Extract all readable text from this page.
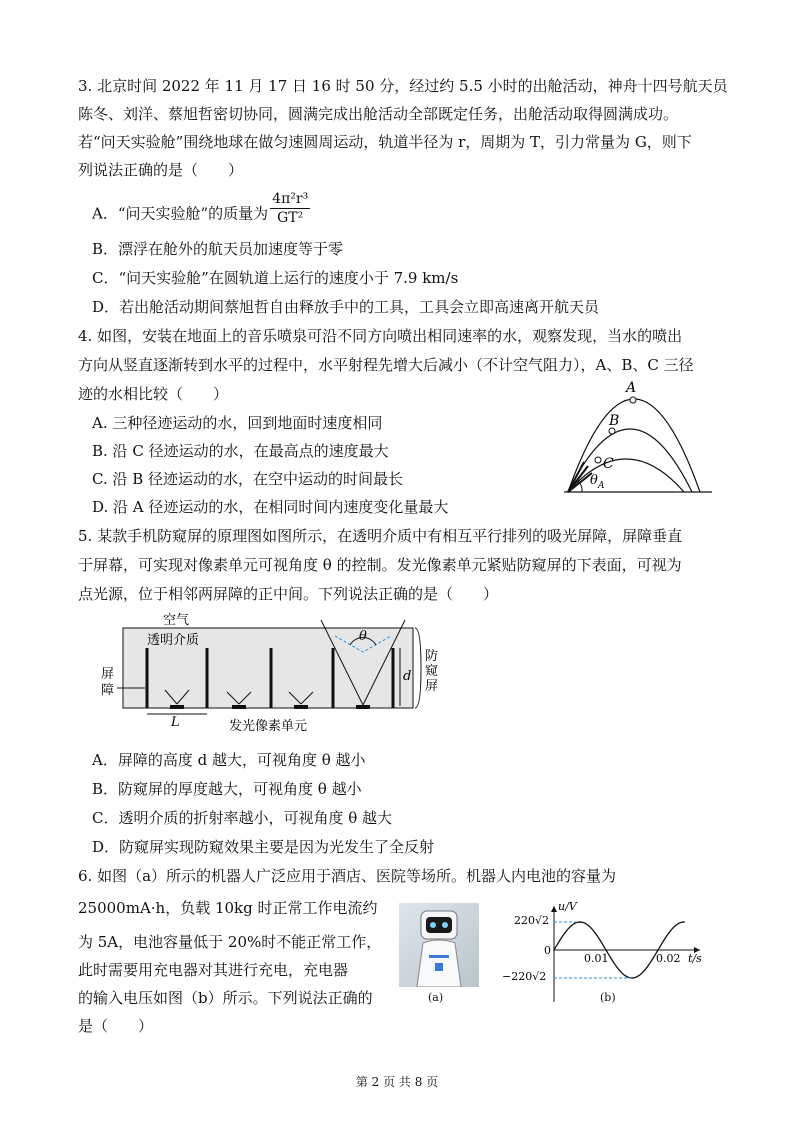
3. 北京时间 2022 年 11 月 17 日 16 时 50 分，经过约 5.5 小时的出舱活动，神舟十四号航天员
陈冬、刘洋、蔡旭哲密切协同，圆满完成出舱活动全部既定任务，出舱活动取得圆满成功。
若“问天实验舱”围绕地球在做匀速圆周运动，轨道半径为 r，周期为 T，引力常量为 G，则下
列说法正确的是（　　）
A．“问天实验舱”的质量为 $\frac{\text{4π²r³}}{\text{GT²}}$
B．漂浮在舱外的航天员加速度等于零
C．“问天实验舱”在圆轨道上运行的速度小于 7.9 km/s
D．若出舱活动期间蔡旭哲自由释放手中的工具，工具会立即高速离开航天员
4. 如图，安装在地面上的音乐喷泉可沿不同方向喷出相同速率的水，观察发现，当水的喷出
方向从竖直逐渐转到水平的过程中，水平射程先增大后减小（不计空气阻力），A、B、C 三径
迹的水相比较（　　）
A. 三种径迹运动的水，回到地面时速度相同
B. 沿 C 径迹运动的水，在最高点的速度最大
C. 沿 B 径迹运动的水，在空中运动的时间最长
D. 沿 A 径迹运动的水，在相同时间内速度变化量最大
A
B
C
θ A
5. 某款手机防窥屏的原理图如图所示，在透明介质中有相互平行排列的吸光屏障，屏障垂直
于屏幕，可实现对像素单元可视角度 θ 的控制。发光像素单元紧贴防窥屏的下表面，可视为
点光源，位于相邻两屏障的正中间。下列说法正确的是（　　）
空气
透明介质	θ
d
防
窥
屏
屏
障
L	发光像素单元
A．屏障的高度 d 越大，可视角度 θ 越小
B．防窥屏的厚度越大，可视角度 θ 越小
C．透明介质的折射率越小，可视角度 θ 越大
D．防窥屏实现防窥效果主要是因为光发生了全反射
6. 如图（a）所示的机器人广泛应用于酒店、医院等场所。机器人内电池的容量为
25000mA·h，负载 10kg 时正常工作电流约
为 5A，电池容量低于 20%时不能正常工作，
此时需要用充电器对其进行充电，充电器
的输入电压如图（b）所示。下列说法正确的
是（　　）
(a)
u/V
t/s
220√2
−220√2
0
0.01	0.02
(b)
第 2 页 共 8 页
